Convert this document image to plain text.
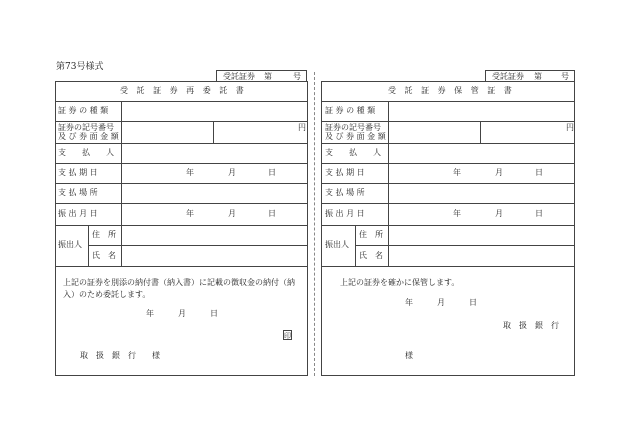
第73号様式
受託証券 第	号
受 託 証 券 再 委 託 書
証 券 の 種 類
証券の記号番号
及 び 券 面 金 額
円
支　　払　　人
支 払 期 日	年	月	日
支 払 場 所
振 出 月 日	年	月	日
振出人
住　所
氏　名
上記の証券を別添の納付書（納入書）に記載の徴収金の納付（納
入）のため委託します。
年	月	日
印
取　扱　銀　行　　様
受託証券 第 号
受 託 証 券 保 管 証 書
証 券 の 種 類
証券の記号番号
及 び 券 面 金 額
円
支　　払　　人
支 払 期 日	年	月	日
支 払 場 所
振 出 月 日	年	月	日
振出人
住　所
氏　名
上記の証券を確かに保管します。
年	月	日
取　扱　銀　行
様
